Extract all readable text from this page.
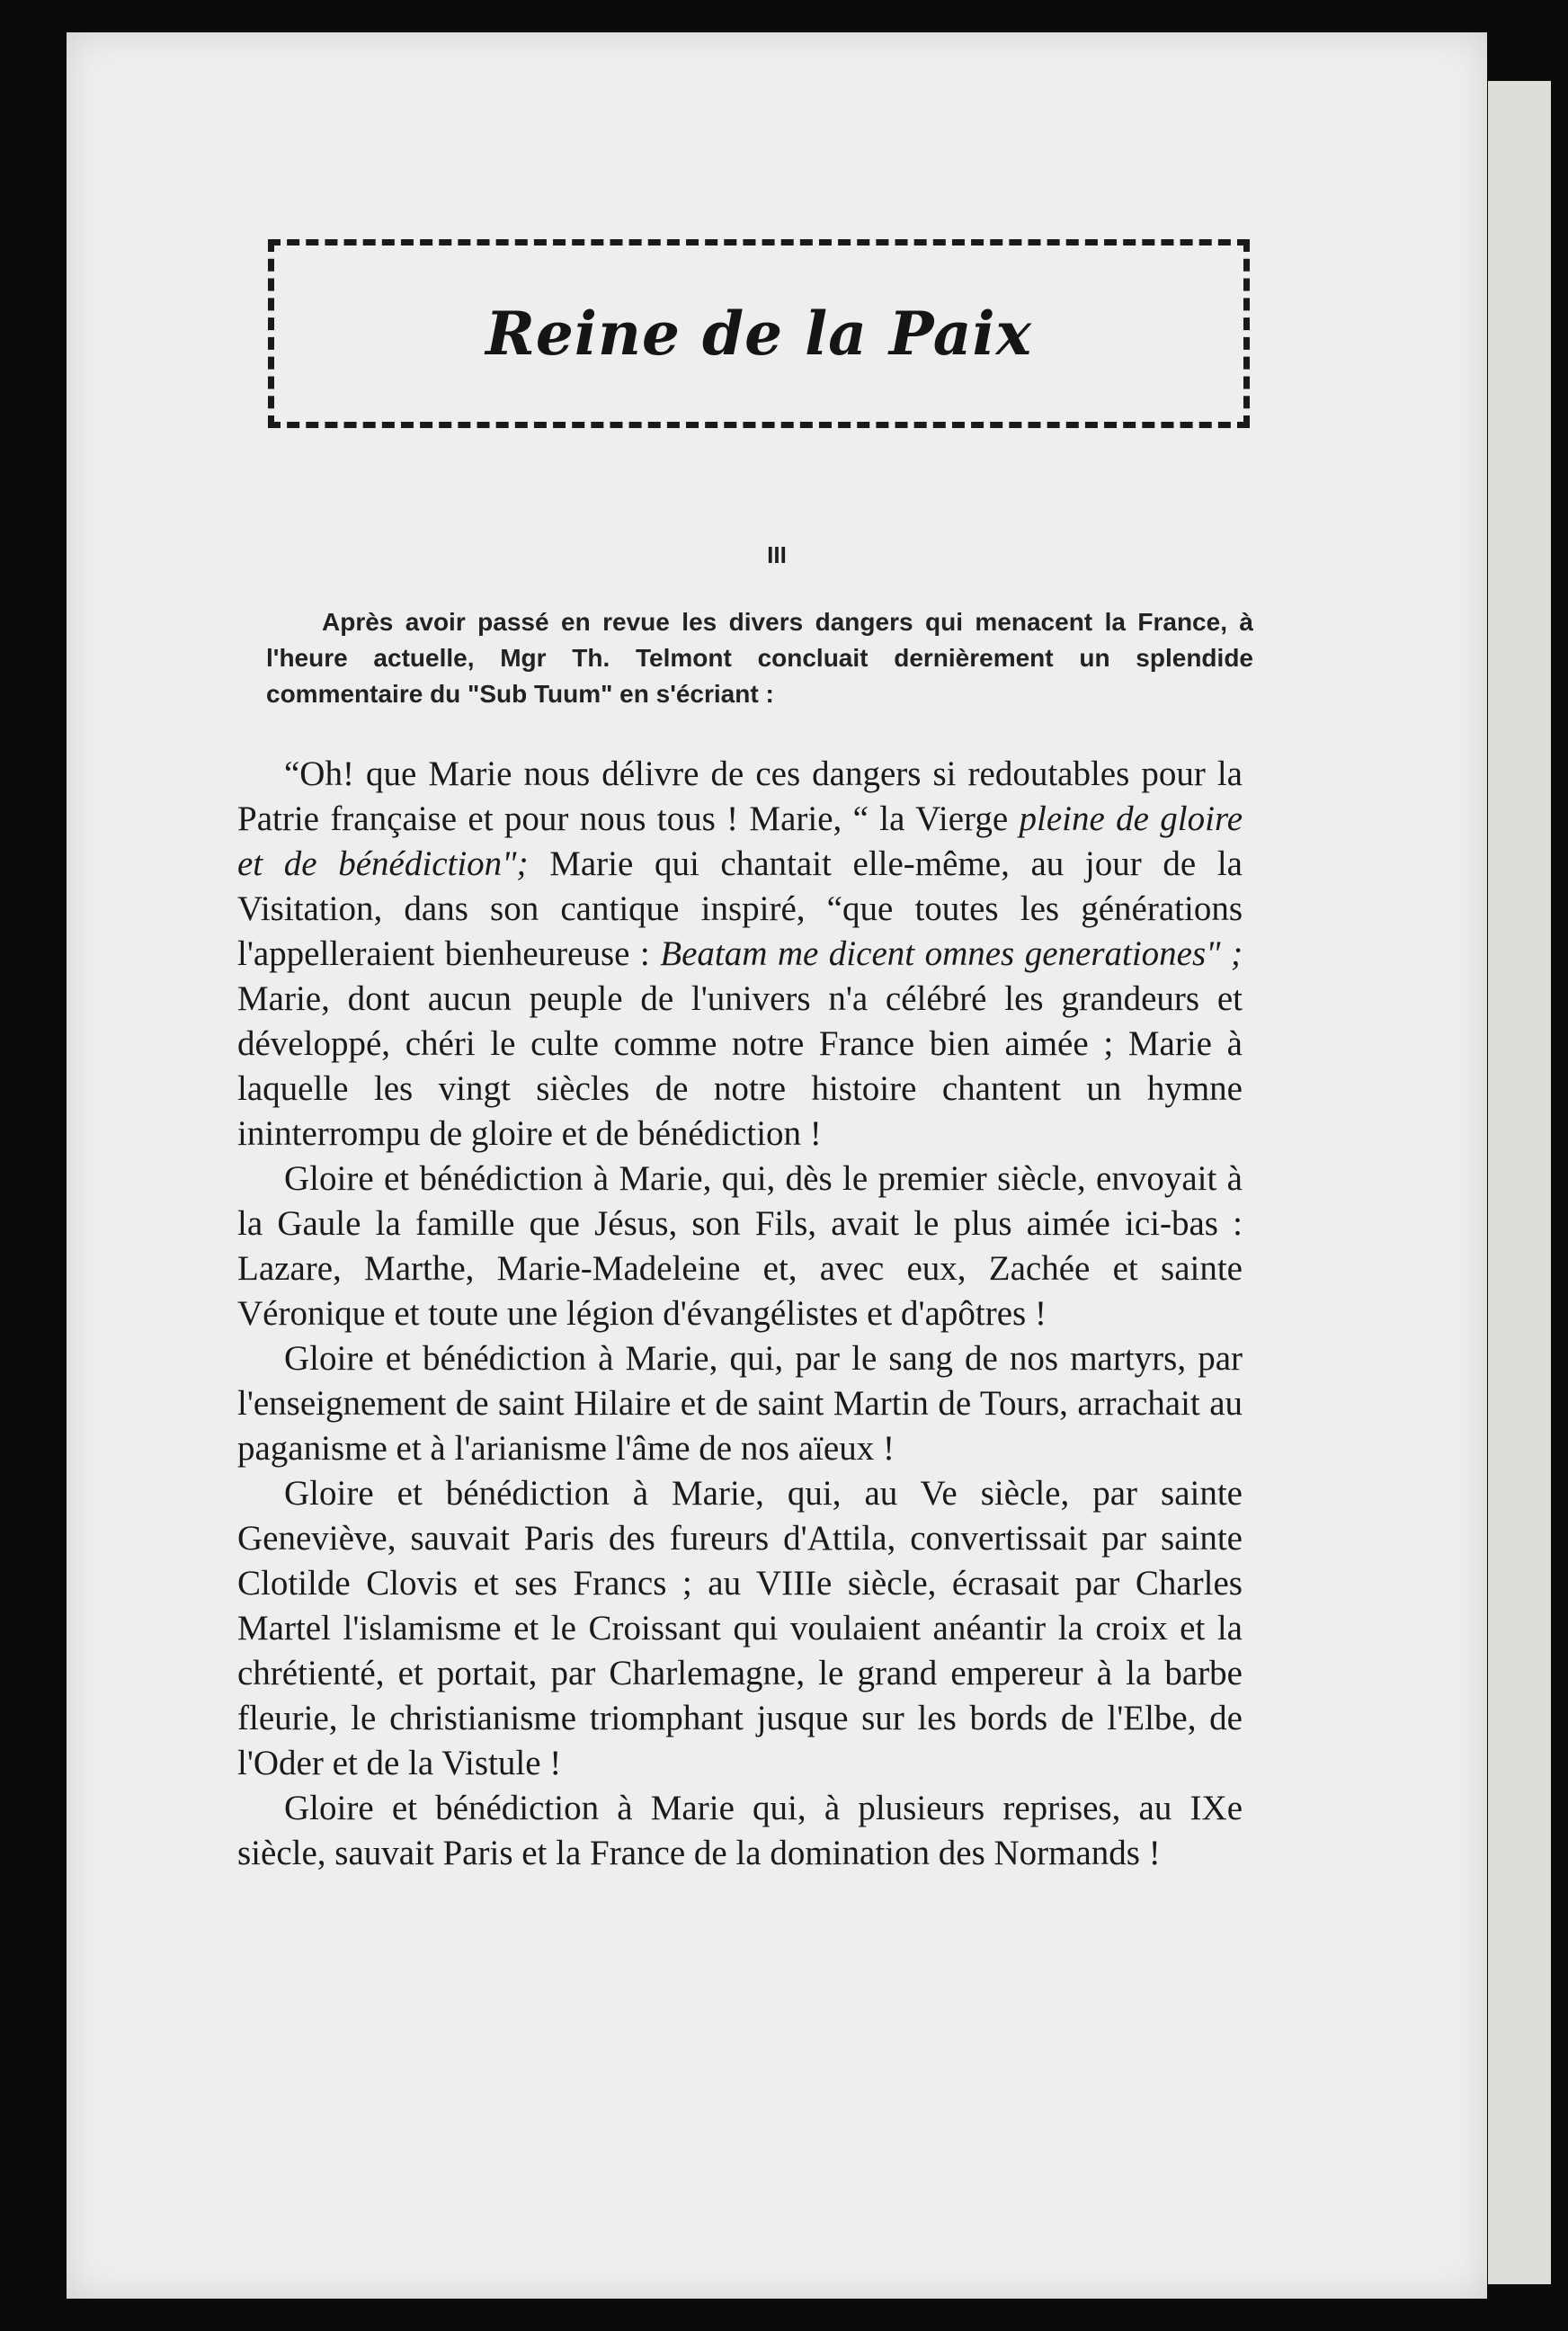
Reine de la Paix
III

Après avoir passé en revue les divers dangers qui menacent la France, à l'heure actuelle, Mgr Th. Telmont concluait dernièrement un splendide commentaire du "Sub Tuum" en s'écriant :

“Oh! que Marie nous délivre de ces dangers si redoutables pour la Patrie française et pour nous tous ! Marie, “ la Vierge pleine de gloire et de bénédiction"; Marie qui chantait elle-même, au jour de la Visitation, dans son cantique inspiré, “que toutes les générations l'appelleraient bienheureuse : Beatam me dicent omnes generationes" ; Marie, dont aucun peuple de l'univers n'a célébré les grandeurs et développé, chéri le culte comme notre France bien aimée ; Marie à laquelle les vingt siècles de notre histoire chantent un hymne ininterrompu de gloire et de bénédiction !

Gloire et bénédiction à Marie, qui, dès le premier siècle, envoyait à la Gaule la famille que Jésus, son Fils, avait le plus aimée ici-bas : Lazare, Marthe, Marie-Madeleine et, avec eux, Zachée et sainte Véronique et toute une légion d'évangélistes et d'apôtres !

Gloire et bénédiction à Marie, qui, par le sang de nos martyrs, par l'enseignement de saint Hilaire et de saint Martin de Tours, arrachait au paganisme et à l'arianisme l'âme de nos aïeux !

Gloire et bénédiction à Marie, qui, au Ve siècle, par sainte Geneviève, sauvait Paris des fureurs d'Attila, convertissait par sainte Clotilde Clovis et ses Francs ; au VIIIe siècle, écrasait par Charles Martel l'islamisme et le Croissant qui voulaient anéantir la croix et la chrétienté, et portait, par Charlemagne, le grand empereur à la barbe fleurie, le christianisme triomphant jusque sur les bords de l'Elbe, de l'Oder et de la Vistule !

Gloire et bénédiction à Marie qui, à plusieurs reprises, au IXe siècle, sauvait Paris et la France de la domination des Normands !
